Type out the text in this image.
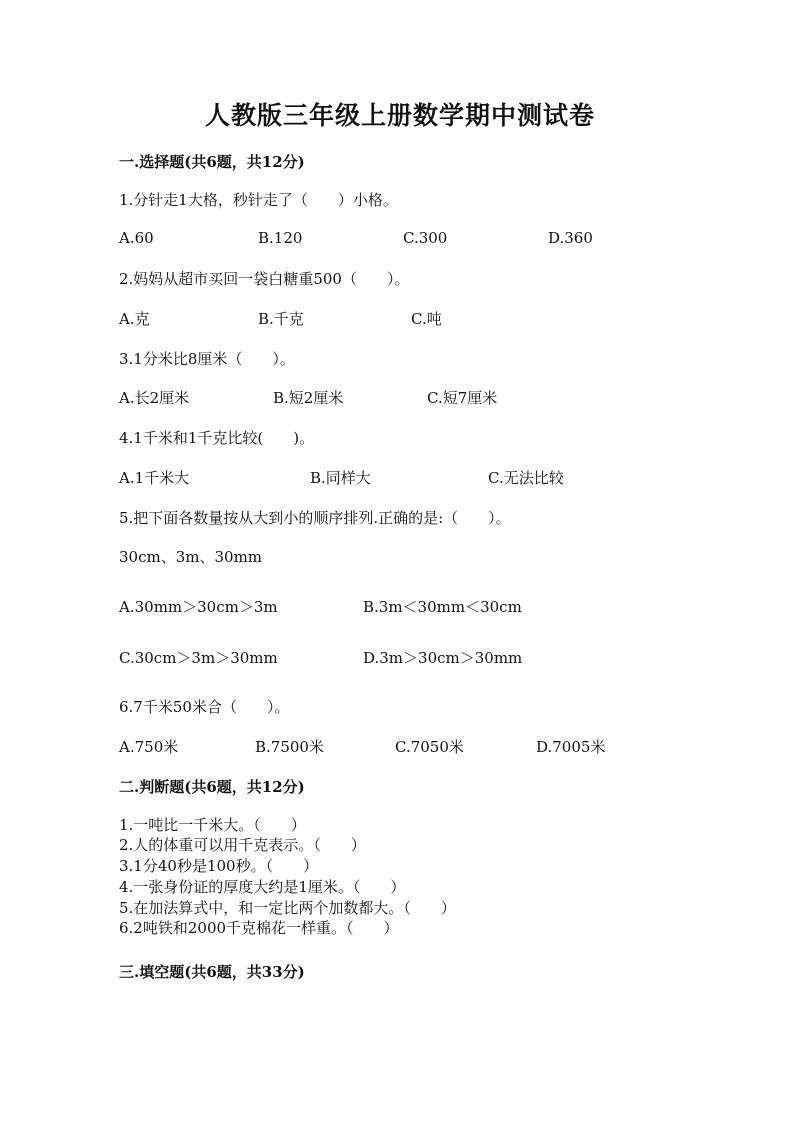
人教版三年级上册数学期中测试卷

一.选择题(共6题，共12分)

1.分针走1大格，秒针走了（　　）小格。

A.60	B.120	C.300	D.360

2.妈妈从超市买回一袋白糖重500（　　）。

A.克	B.千克	C.吨

3.1分米比8厘米（　　）。

A.长2厘米	B.短2厘米	C.短7厘米

4.1千米和1千克比较(　　)。

A.1千米大	B.同样大	C.无法比较

5.把下面各数量按从大到小的顺序排列.正确的是:（　　）。

30cm、3m、30mm

A.30mm＞30cm＞3m	B.3m＜30mm＜30cm

C.30cm＞3m＞30mm	D.3m＞30cm＞30mm

6.7千米50米合（　　）。

A.750米	B.7500米	C.7050米	D.7005米

二.判断题(共6题，共12分)

1.一吨比一千米大。（　　）

2.人的体重可以用千克表示。（　　）

3.1分40秒是100秒。（　　）

4.一张身份证的厚度大约是1厘米。（　　）

5.在加法算式中，和一定比两个加数都大。（　　）

6.2吨铁和2000千克棉花一样重。（　　）

三.填空题(共6题，共33分)
